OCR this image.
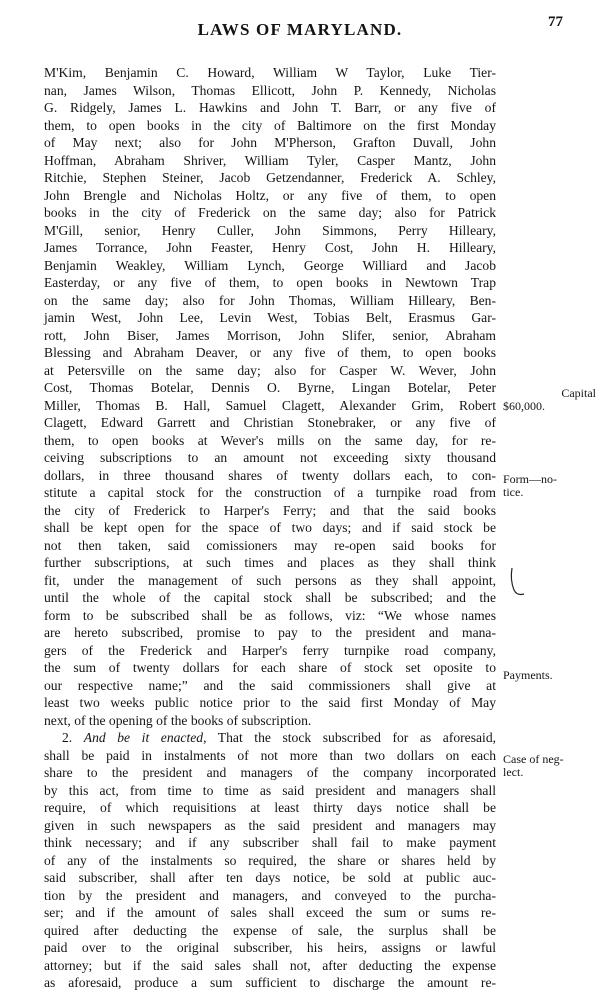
LAWS OF MARYLAND.	77
M'Kim, Benjamin C. Howard, William W Taylor, Luke Tier-
nan, James Wilson, Thomas Ellicott, John P. Kennedy, Nicholas
G. Ridgely, James L. Hawkins and John T. Barr, or any five of
them, to open books in the city of Baltimore on the first Monday
of May next; also for John M'Pherson, Grafton Duvall, John
Hoffman, Abraham Shriver, William Tyler, Casper Mantz, John
Ritchie, Stephen Steiner, Jacob Getzendanner, Frederick A. Schley,
John Brengle and Nicholas Holtz, or any five of them, to open
books in the city of Frederick on the same day; also for Patrick
M'Gill, senior, Henry Culler, John Simmons, Perry Hilleary,
James Torrance, John Feaster, Henry Cost, John H. Hilleary,
Benjamin Weakley, William Lynch, George Williard and Jacob
Easterday, or any five of them, to open books in Newtown Trap
on the same day; also for John Thomas, William Hilleary, Ben-
jamin West, John Lee, Levin West, Tobias Belt, Erasmus Gar-
rott, John Biser, James Morrison, John Slifer, senior, Abraham
Blessing and Abraham Deaver, or any five of them, to open books
at Petersville on the same day; also for Casper W. Wever, John
Cost, Thomas Botelar, Dennis O. Byrne, Lingan Botelar, Peter
Miller, Thomas B. Hall, Samuel Clagett, Alexander Grim, Robert
Clagett, Edward Garrett and Christian Stonebraker, or any five of
them, to open books at Wever's mills on the same day, for re-
ceiving subscriptions to an amount not exceeding sixty thousand
dollars, in three thousand shares of twenty dollars each, to con-
stitute a capital stock for the construction of a turnpike road from
the city of Frederick to Harper's Ferry; and that the said books
shall be kept open for the space of two days; and if said stock be
not then taken, said comissioners may re-open said books for
further subscriptions, at such times and places as they shall think
fit, under the management of such persons as they shall appoint,
until the whole of the capital stock shall be subscribed; and the
form to be subscribed shall be as follows, viz: “We whose names
are hereto subscribed, promise to pay to the president and mana-
gers of the Frederick and Harper's ferry turnpike road company,
the sum of twenty dollars for each share of stock set oposite to
our respective name;” and the said commissioners shall give at
least two weeks public notice prior to the said first Monday of May
next, of the opening of the books of subscription.
2. And be it enacted, That the stock subscribed for as aforesaid,
shall be paid in instalments of not more than two dollars on each
share to the president and managers of the company incorporated
by this act, from time to time as said president and managers shall
require, of which requisitions at least thirty days notice shall be
given in such newspapers as the said president and managers may
think necessary; and if any subscriber shall fail to make payment
of any of the instalments so required, the share or shares held by
said subscriber, shall after ten days notice, be sold at public auc-
tion by the president and managers, and conveyed to the purcha-
ser; and if the amount of sales shall exceed the sum or sums re-
quired after deducting the expense of sale, the surplus shall be
paid over to the original subscriber, his heirs, assigns or lawful
attorney; but if the said sales shall not, after deducting the expense
as aforesaid, produce a sum sufficient to discharge the amount re-
Capital
$60,000.
Form—no-
tice.
Payments.
Case of neg-
lect.
